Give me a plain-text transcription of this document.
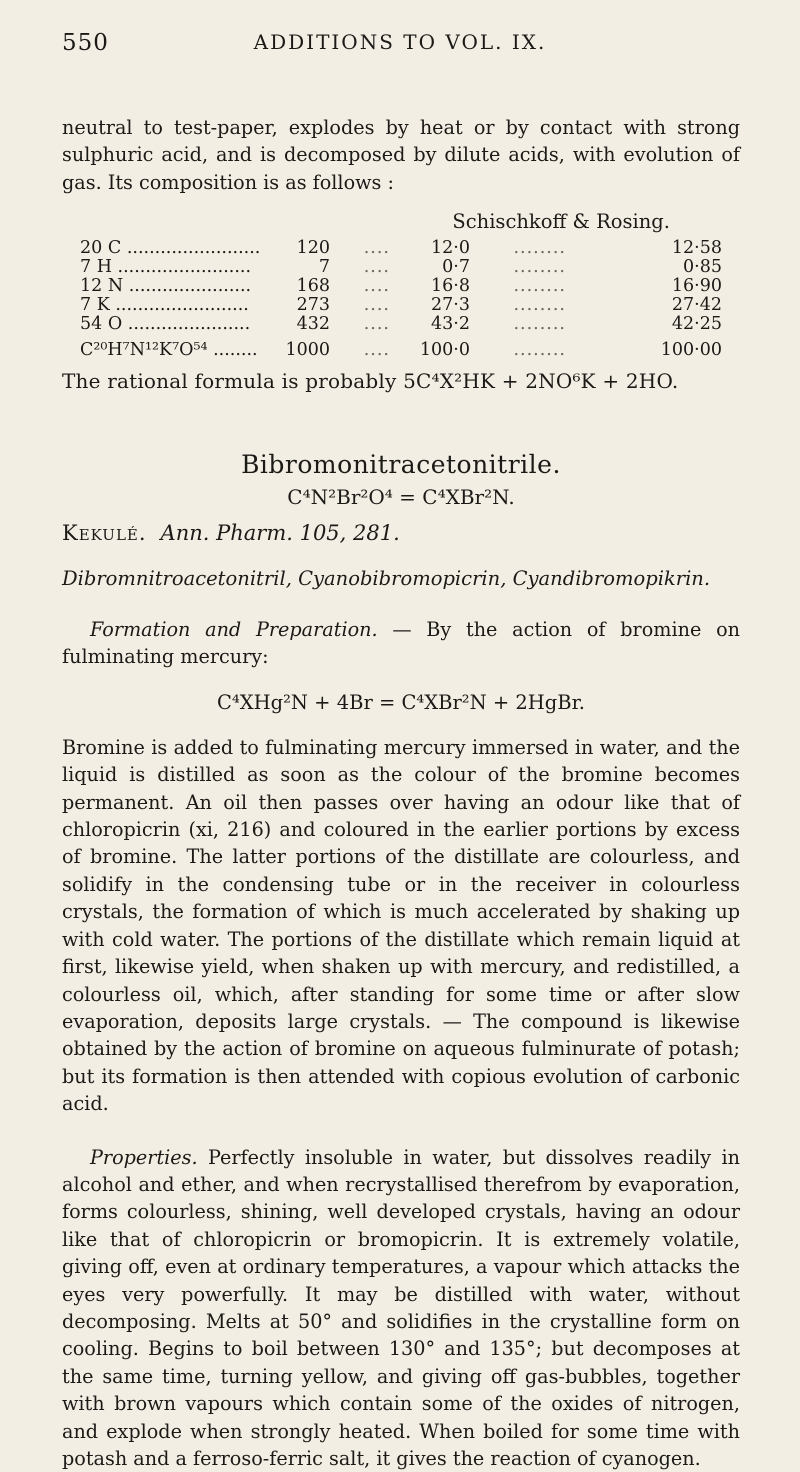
550	ADDITIONS TO VOL. IX.

neutral to test-paper, explodes by heat or by contact with strong sulphuric acid, and is decomposed by dilute acids, with evolution of gas. Its composition is as follows :

Schischkoff & Rosing.
20 C ........................	120	....	12·0	........	12·58
7 H ........................	7	....	0·7	........	0·85
12 N ......................	168	....	16·8	........	16·90
7 K ........................	273	....	27·3	........	27·42
54 O ......................	432	....	43·2	........	42·25
C²⁰H⁷N¹²K⁷O⁵⁴ ........	1000	....	100·0	........	100·00

The rational formula is probably 5C⁴X²HK + 2NO⁶K + 2HO.

Bibromonitracetonitrile.
C⁴N²Br²O⁴ = C⁴XBr²N.
Kekulé. Ann. Pharm. 105, 281.

Dibromnitroacetonitril, Cyanobibromopicrin, Cyandibromopikrin.

Formation and Preparation. — By the action of bromine on fulminating mercury:

C⁴XHg²N + 4Br = C⁴XBr²N + 2HgBr.

Bromine is added to fulminating mercury immersed in water, and the liquid is distilled as soon as the colour of the bromine becomes permanent. An oil then passes over having an odour like that of chloropicrin (xi, 216) and coloured in the earlier portions by excess of bromine. The latter portions of the distillate are colourless, and solidify in the condensing tube or in the receiver in colourless crystals, the formation of which is much accelerated by shaking up with cold water. The portions of the distillate which remain liquid at first, likewise yield, when shaken up with mercury, and redistilled, a colourless oil, which, after standing for some time or after slow evaporation, deposits large crystals. — The compound is likewise obtained by the action of bromine on aqueous fulminurate of potash; but its formation is then attended with copious evolution of carbonic acid.

Properties. Perfectly insoluble in water, but dissolves readily in alcohol and ether, and when recrystallised therefrom by evaporation, forms colourless, shining, well developed crystals, having an odour like that of chloropicrin or bromopicrin. It is extremely volatile, giving off, even at ordinary temperatures, a vapour which attacks the eyes very powerfully. It may be distilled with water, without decomposing. Melts at 50° and solidifies in the crystalline form on cooling. Begins to boil between 130° and 135°; but decomposes at the same time, turning yellow, and giving off gas-bubbles, together with brown vapours which contain some of the oxides of nitrogen, and explode when strongly heated. When boiled for some time with potash and a ferroso-ferric salt, it gives the reaction of cyanogen.
